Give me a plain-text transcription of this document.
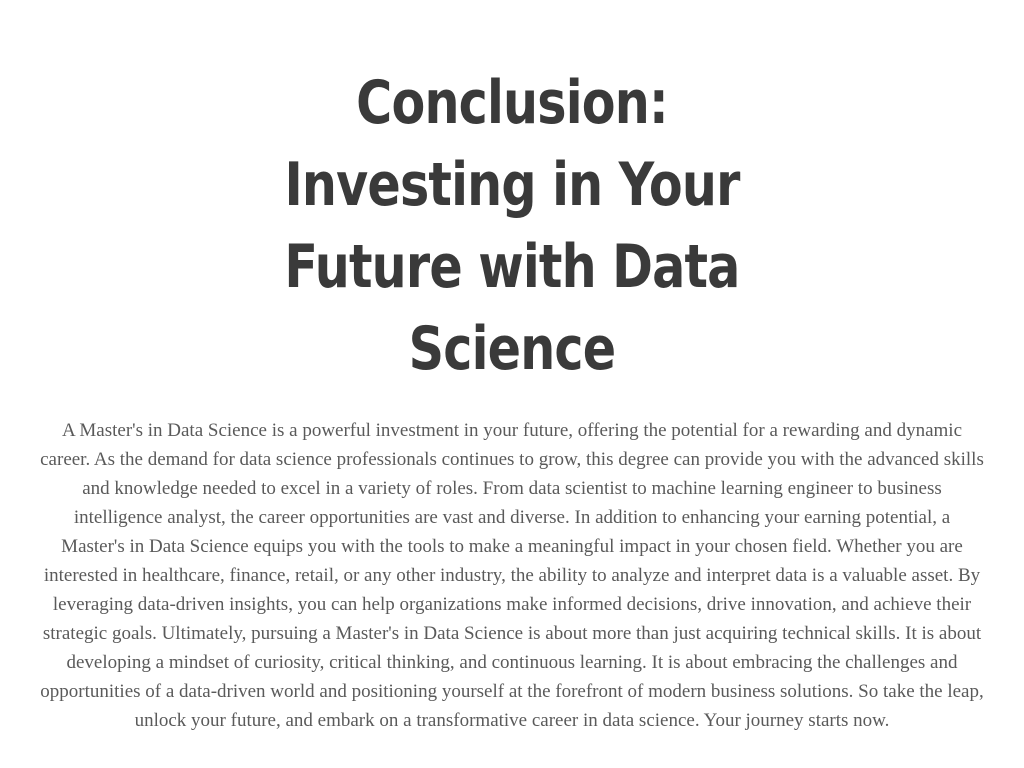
Conclusion: Investing in Your Future with Data Science

A Master's in Data Science is a powerful investment in your future, offering the potential for a rewarding and dynamic career. As the demand for data science professionals continues to grow, this degree can provide you with the advanced skills and knowledge needed to excel in a variety of roles. From data scientist to machine learning engineer to business intelligence analyst, the career opportunities are vast and diverse. In addition to enhancing your earning potential, a Master's in Data Science equips you with the tools to make a meaningful impact in your chosen field. Whether you are interested in healthcare, finance, retail, or any other industry, the ability to analyze and interpret data is a valuable asset. By leveraging data-driven insights, you can help organizations make informed decisions, drive innovation, and achieve their strategic goals. Ultimately, pursuing a Master's in Data Science is about more than just acquiring technical skills. It is about developing a mindset of curiosity, critical thinking, and continuous learning. It is about embracing the challenges and opportunities of a data-driven world and positioning yourself at the forefront of modern business solutions. So take the leap, unlock your future, and embark on a transformative career in data science. Your journey starts now.
